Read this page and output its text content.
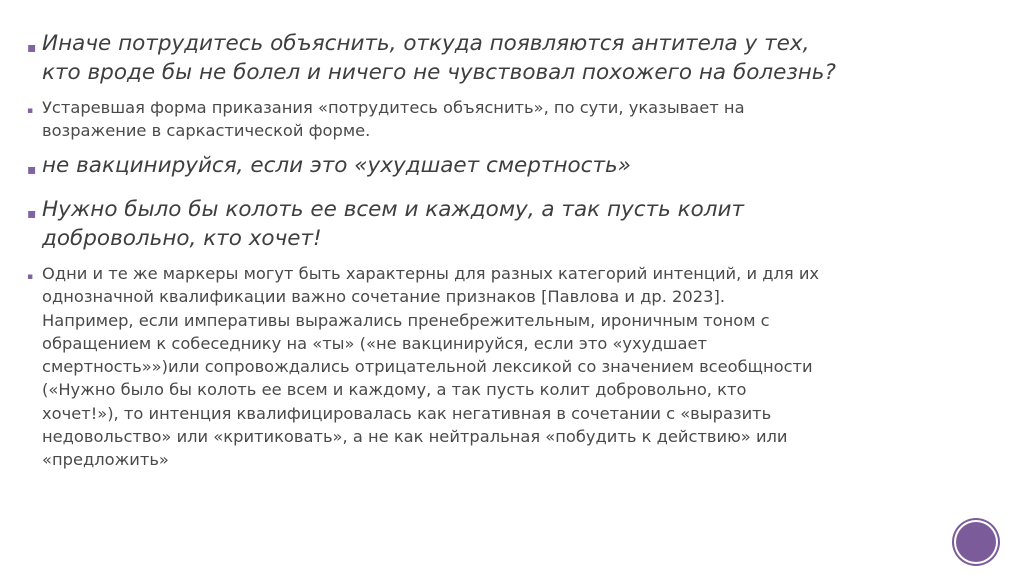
▪ Иначе потрудитесь объяснить, откуда появляются антитела у тех,
кто вроде бы не болел и ничего не чувствовал похожего на болезнь?
▪ Устаревшая форма приказания «потрудитесь объяснить», по сути, указывает на
возражение в саркастической форме.
▪ не вакцинируйся, если это «ухудшает смертность»
▪ Нужно было бы колоть ее всем и каждому, а так пусть колит
добровольно, кто хочет!
▪ Одни и те же маркеры могут быть характерны для разных категорий интенций, и для их
однозначной квалификации важно сочетание признаков [Павлова и др. 2023].
Например, если императивы выражались пренебрежительным, ироничным тоном с
обращением к собеседнику на «ты» («не вакцинируйся, если это «ухудшает
смертность»»)или сопровождались отрицательной лексикой со значением всеобщности
(«Нужно было бы колоть ее всем и каждому, а так пусть колит добровольно, кто
хочет!»), то интенция квалифицировалась как негативная в сочетании с «выразить
недовольство» или «критиковать», а не как нейтральная «побудить к действию» или
«предложить»
